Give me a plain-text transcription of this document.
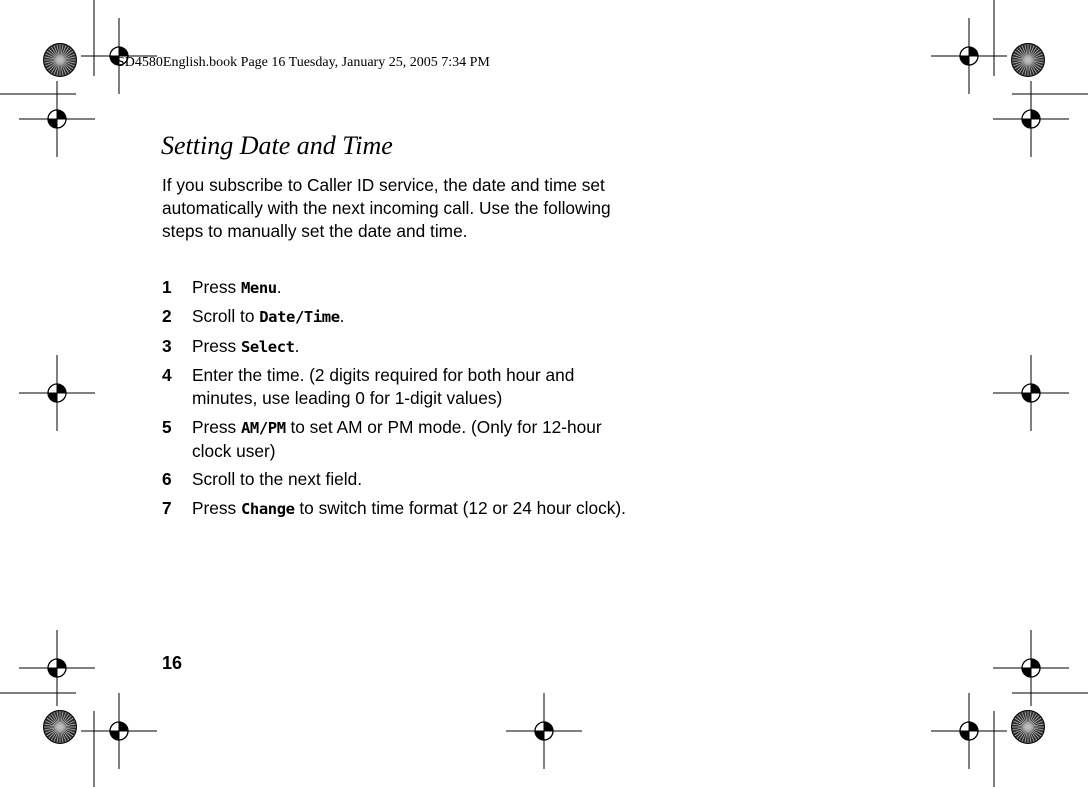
SD4580English.book Page 16 Tuesday, January 25, 2005 7:34 PM
Setting Date and Time

If you subscribe to Caller ID service, the date and time set automatically with the next incoming call. Use the following steps to manually set the date and time.

1 Press Menu.
2 Scroll to Date/Time.
3 Press Select.
4 Enter the time. (2 digits required for both hour and minutes, use leading 0 for 1-digit values)
5 Press AM/PM to set AM or PM mode. (Only for 12-hour clock user)
6 Scroll to the next field.
7 Press Change to switch time format (12 or 24 hour clock).
16
